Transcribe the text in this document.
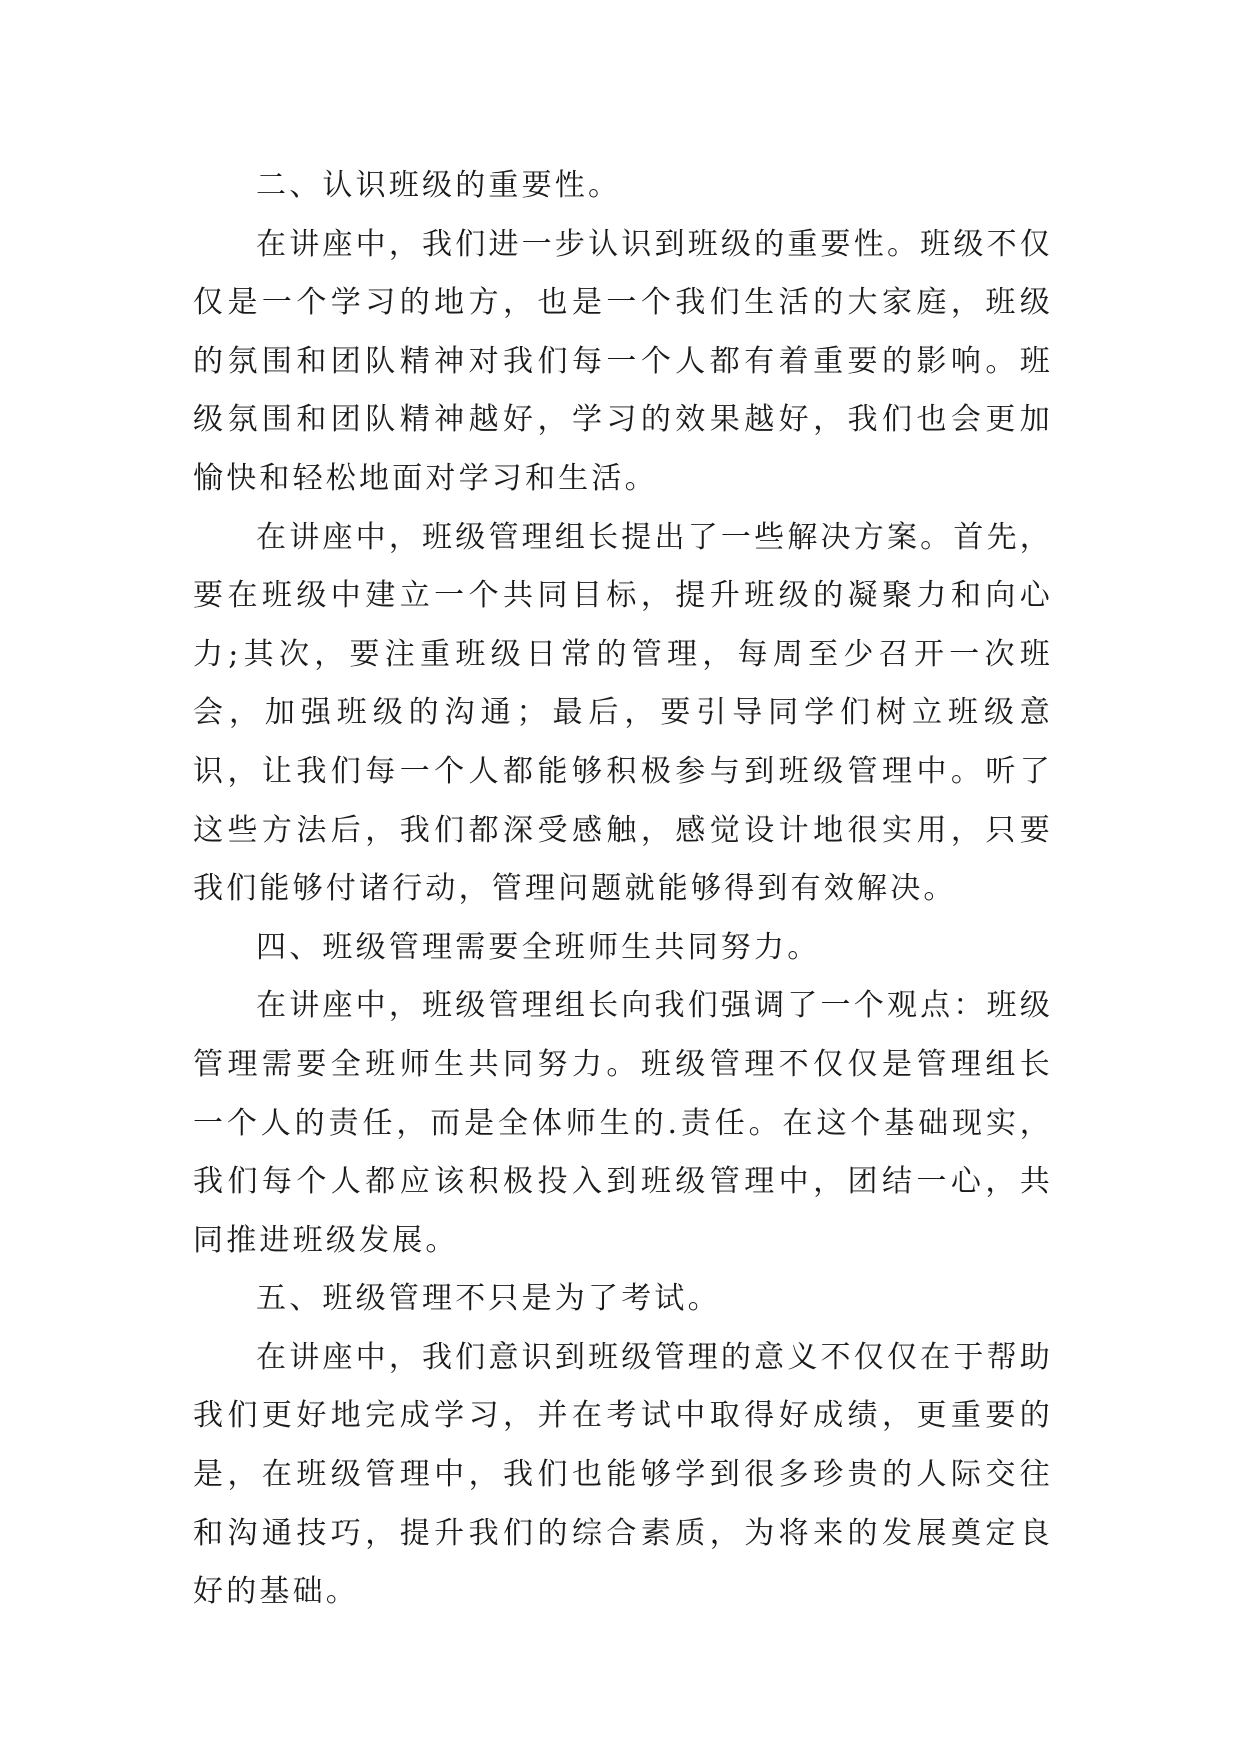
二、认识班级的重要性。

在讲座中，我们进一步认识到班级的重要性。班级不仅仅是一个学习的地方，也是一个我们生活的大家庭，班级的氛围和团队精神对我们每一个人都有着重要的影响。班级氛围和团队精神越好，学习的效果越好，我们也会更加愉快和轻松地面对学习和生活。

在讲座中，班级管理组长提出了一些解决方案。首先，要在班级中建立一个共同目标，提升班级的凝聚力和向心力;其次，要注重班级日常的管理，每周至少召开一次班会，加强班级的沟通；最后，要引导同学们树立班级意识，让我们每一个人都能够积极参与到班级管理中。听了这些方法后，我们都深受感触，感觉设计地很实用，只要我们能够付诸行动，管理问题就能够得到有效解决。

四、班级管理需要全班师生共同努力。

在讲座中，班级管理组长向我们强调了一个观点：班级管理需要全班师生共同努力。班级管理不仅仅是管理组长一个人的责任，而是全体师生的.责任。在这个基础现实，我们每个人都应该积极投入到班级管理中，团结一心，共同推进班级发展。

五、班级管理不只是为了考试。

在讲座中，我们意识到班级管理的意义不仅仅在于帮助我们更好地完成学习，并在考试中取得好成绩，更重要的是，在班级管理中，我们也能够学到很多珍贵的人际交往和沟通技巧，提升我们的综合素质，为将来的发展奠定良好的基础。
